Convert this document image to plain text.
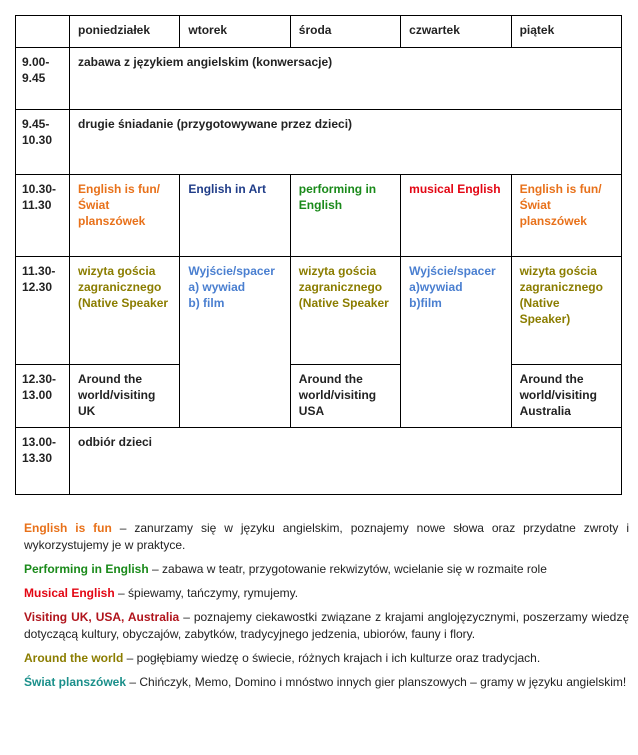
	poniedziałek	wtorek	środa	czwartek	piątek
9.00-
9.45	zabawa z językiem angielskim (konwersacje)				
9.45-
10.30	drugie śniadanie (przygotowywane przez dzieci)				
10.30-
11.30	English is fun/ Świat planszówek	English in Art	performing in English	musical English	English is fun/Świat planszówek
11.30-
12.30	wizyta gościa zagranicznego (Native Speaker	Wyjście/spacer
a) wywiad
b) film	wizyta gościa zagranicznego (Native Speaker	Wyjście/spacer
a)wywiad
b)film	wizyta gościa zagranicznego (Native Speaker)
12.30-
13.00	Around the world/visiting UK		Around the world/visiting USA		Around the world/visiting Australia
13.00-
13.30	odbiór dzieci				

English is fun – zanurzamy się w języku angielskim, poznajemy nowe słowa oraz przydatne zwroty i wykorzystujemy je w praktyce.

Performing in English – zabawa w teatr, przygotowanie rekwizytów, wcielanie się w rozmaite role

Musical English – śpiewamy, tańczymy, rymujemy.

Visiting UK, USA, Australia – poznajemy ciekawostki związane z krajami anglojęzycznymi, poszerzamy wiedzę dotyczącą kultury, obyczajów, zabytków, tradycyjnego jedzenia, ubiorów, fauny i flory.

Around the world – pogłębiamy wiedzę o świecie, różnych krajach i ich kulturze oraz tradycjach.

Świat planszówek – Chińczyk, Memo, Domino i mnóstwo innych gier planszowych – gramy w języku angielskim!
